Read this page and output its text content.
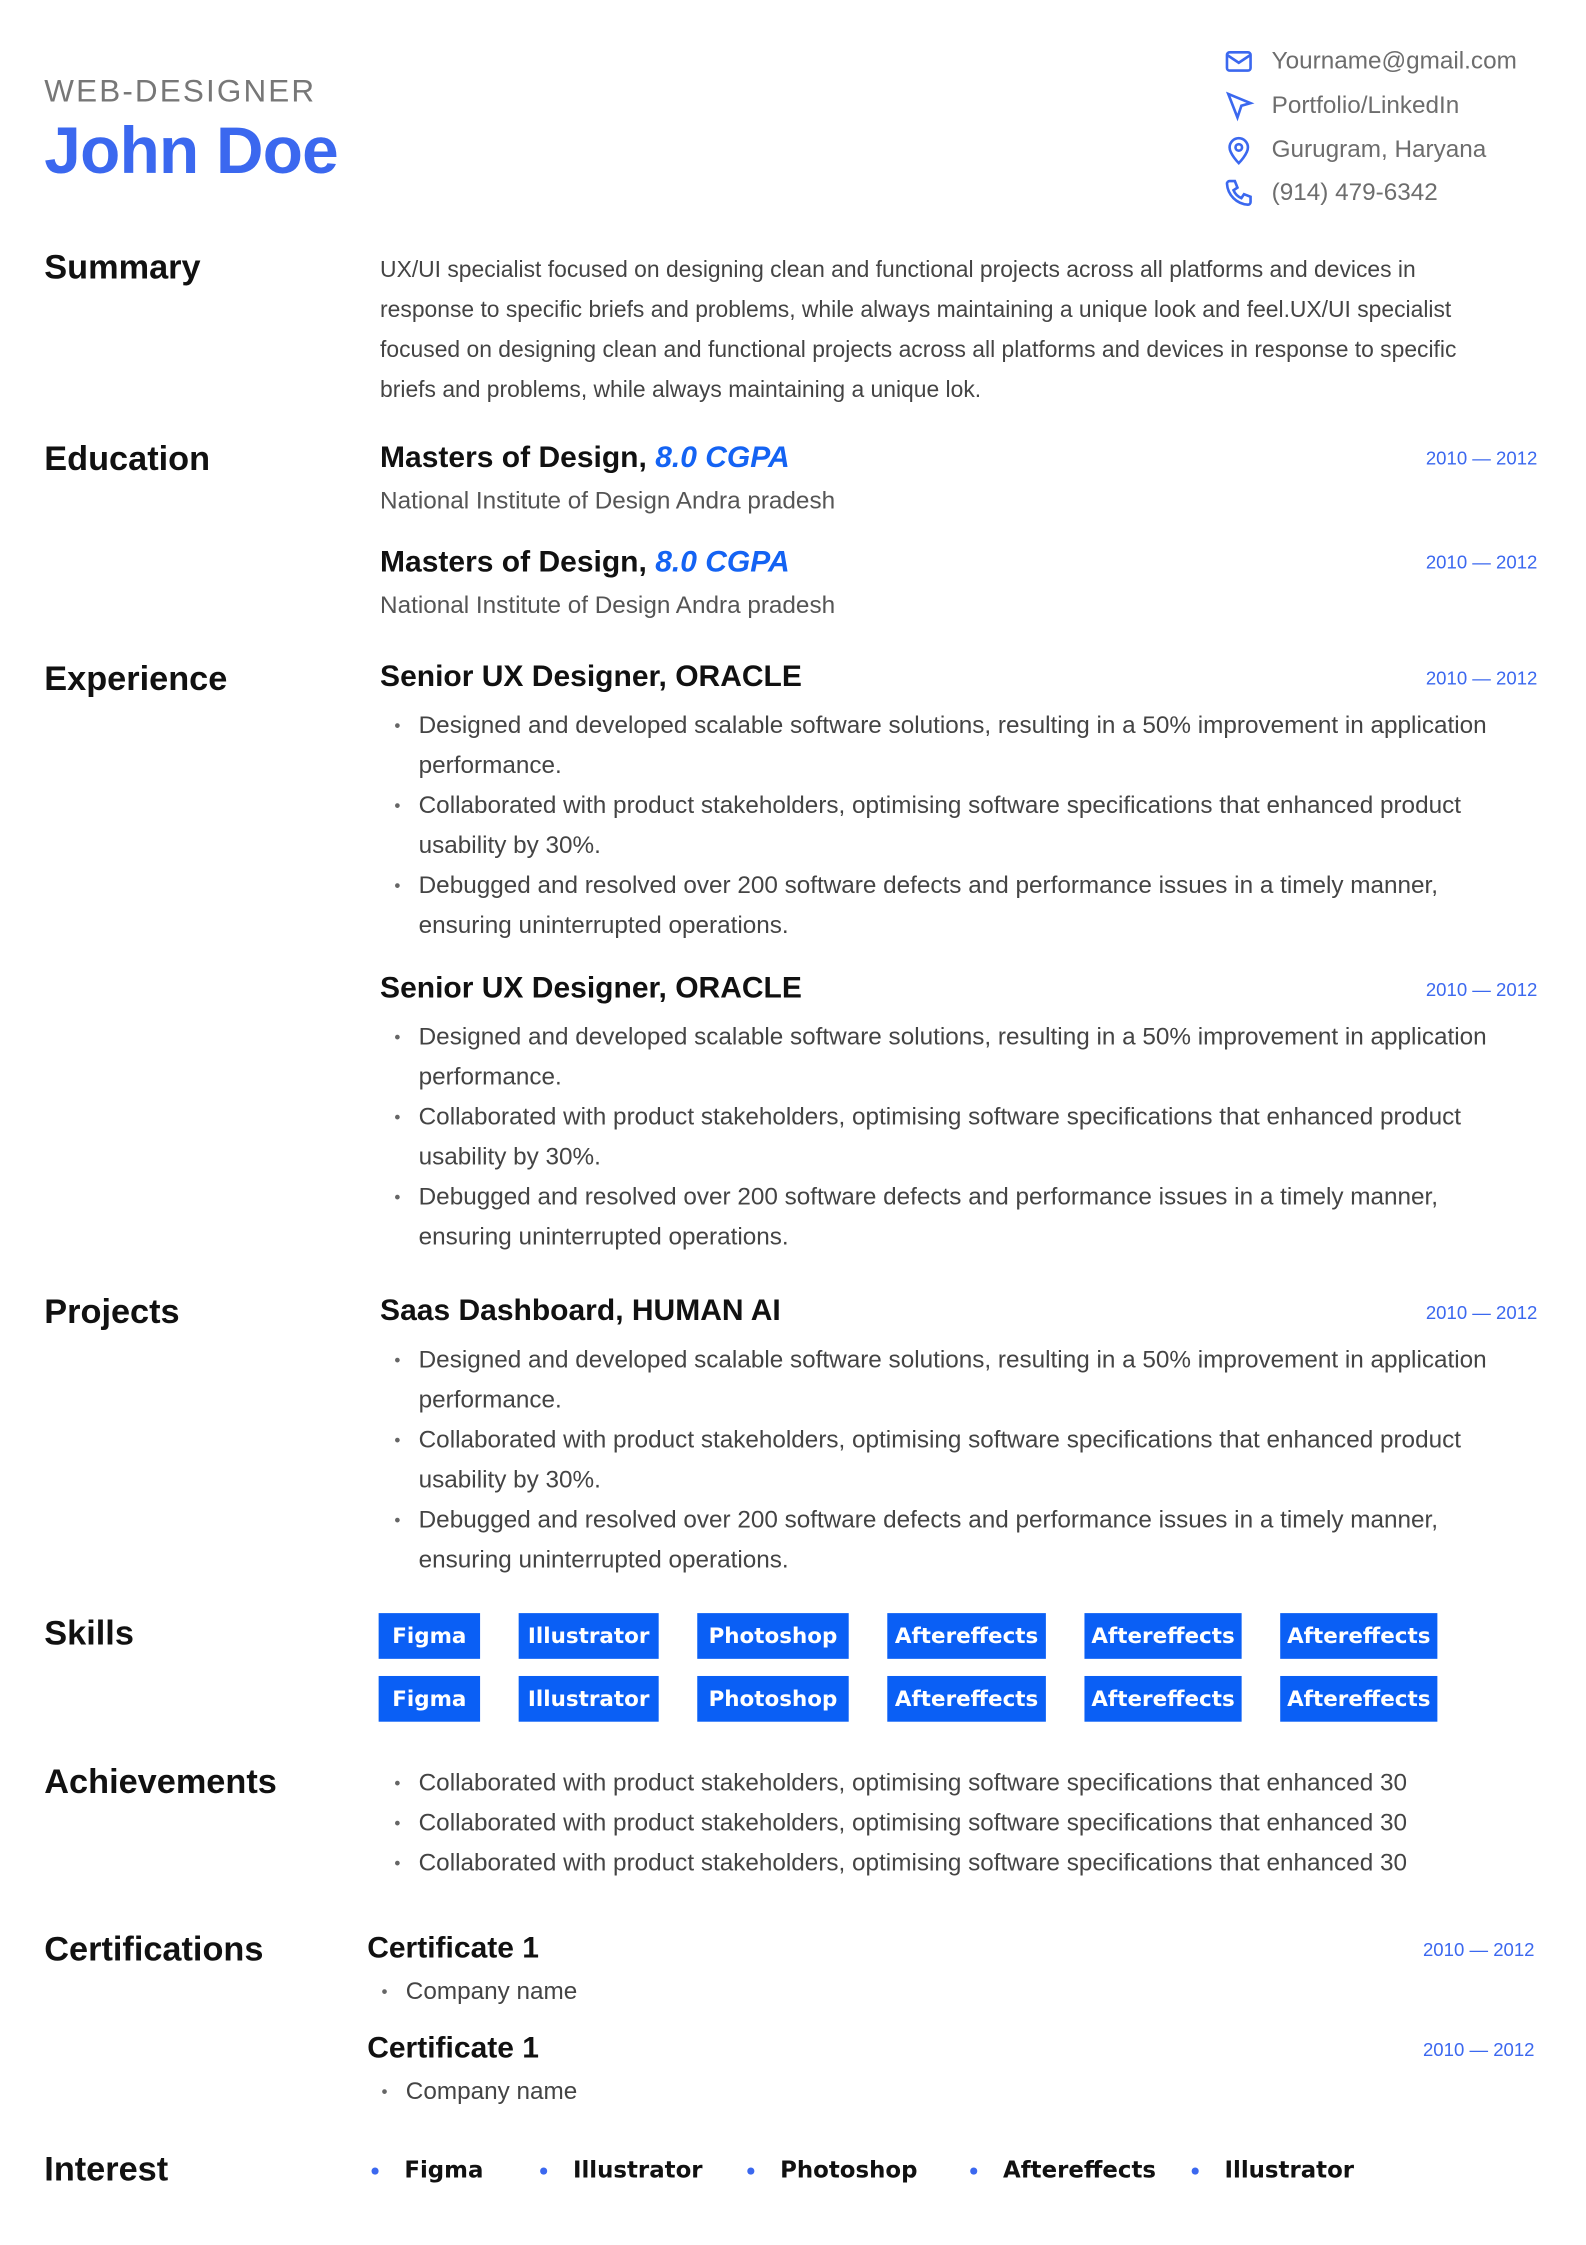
WEB-DESIGNER
John Doe
Yourname@gmail.com
Portfolio/LinkedIn
Gurugram, Haryana
(914) 479-6342
Summary	UX/UI specialist focused on designing clean and functional projects across all platforms and devices in response to specific briefs and problems, while always maintaining a unique look and feel.UX/UI specialist focused on designing clean and functional projects across all platforms and devices in response to specific briefs and problems, while always maintaining a unique lok.
Education	Masters of Design, 8.0 CGPA
National Institute of Design Andra pradesh
2010 — 2012
Masters of Design, 8.0 CGPA
National Institute of Design Andra pradesh
2010 — 2012
Experience	Senior UX Designer, ORACLE	2010 — 2012
• Designed and developed scalable software solutions, resulting in a 50% improvement in application performance.
• Collaborated with product stakeholders, optimising software specifications that enhanced product usability by 30%.
• Debugged and resolved over 200 software defects and performance issues in a timely manner, ensuring uninterrupted operations.
Senior UX Designer, ORACLE	2010 — 2012
• Designed and developed scalable software solutions, resulting in a 50% improvement in application performance.
• Collaborated with product stakeholders, optimising software specifications that enhanced product usability by 30%.
• Debugged and resolved over 200 software defects and performance issues in a timely manner, ensuring uninterrupted operations.
Projects	Saas Dashboard, HUMAN AI	2010 — 2012
• Designed and developed scalable software solutions, resulting in a 50% improvement in application performance.
• Collaborated with product stakeholders, optimising software specifications that enhanced product usability by 30%.
• Debugged and resolved over 200 software defects and performance issues in a timely manner, ensuring uninterrupted operations.
Skills	Figma	Illustrator	Photoshop	Aftereffects	Aftereffects	Aftereffects
Figma	Illustrator	Photoshop	Aftereffects	Aftereffects	Aftereffects
Achievements	• Collaborated with product stakeholders, optimising software specifications that enhanced 30
• Collaborated with product stakeholders, optimising software specifications that enhanced 30
• Collaborated with product stakeholders, optimising software specifications that enhanced 30
Certifications	Certificate 1	2010 — 2012
• Company name
Certificate 1	2010 — 2012
• Company name
Interest	Figma	Illustrator	Photoshop	Aftereffects	Illustrator
